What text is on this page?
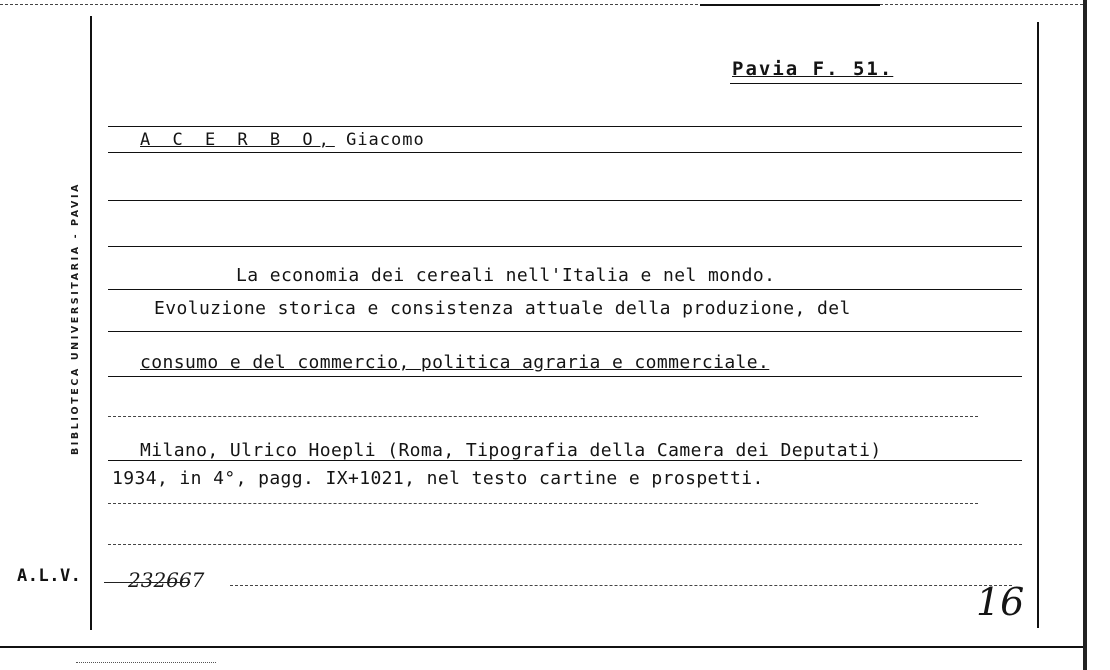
Pavia F. 51.
A C E R B O, Giacomo
La economia dei cereali nell'Italia e nel mondo.
Evoluzione storica e consistenza attuale della produzione, del
consumo e del commercio, politica agraria e commerciale.
Milano, Ulrico Hoepli (Roma, Tipografia della Camera dei Deputati)
1934, in 4°, pagg. IX+1021, nel testo cartine e prospetti.
BIBLIOTECA UNIVERSITARIA - PAVIA
A.L.V. 232667	16
